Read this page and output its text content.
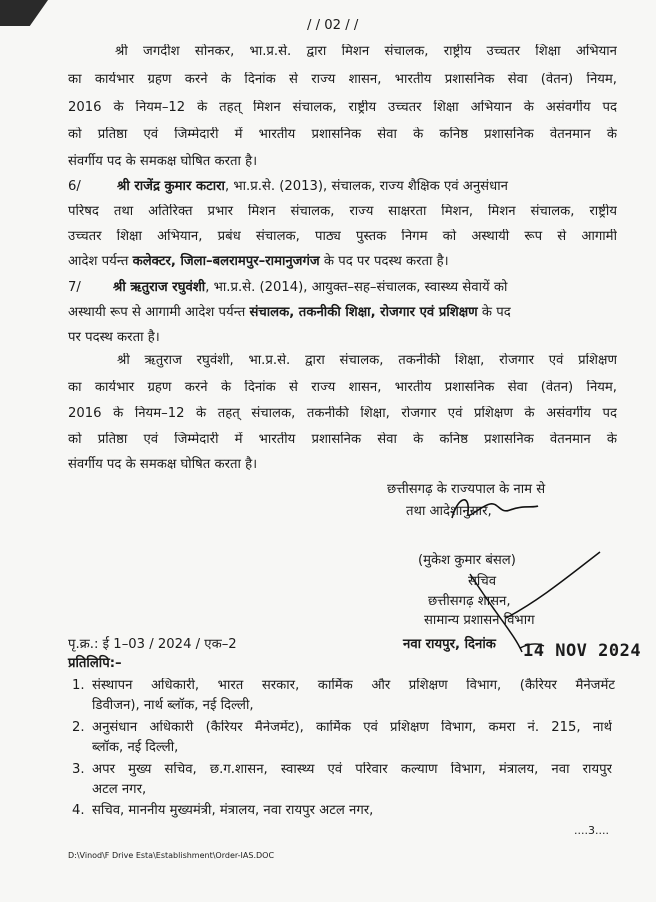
/ / 02 / /
श्री जगदीश सोनकर, भा.प्र.से. द्वारा मिशन संचालक, राष्ट्रीय उच्चतर शिक्षा अभियान
का कार्यभार ग्रहण करने के दिनांक से राज्य शासन, भारतीय प्रशासनिक सेवा (वेतन) नियम,
2016 के नियम–12 के तहत् मिशन संचालक, राष्ट्रीय उच्चतर शिक्षा अभियान के असंवर्गीय पद
को प्रतिष्ठा एवं जिम्मेदारी में भारतीय प्रशासनिक सेवा के कनिष्ठ प्रशासनिक वेतनमान के
संवर्गीय पद के समकक्ष घोषित करता है।
6/	श्री राजेंद्र कुमार कटारा, भा.प्र.से. (2013), संचालक, राज्य शैक्षिक एवं अनुसंधान
परिषद तथा अतिरिक्त प्रभार मिशन संचालक, राज्य साक्षरता मिशन, मिशन संचालक, राष्ट्रीय
उच्चतर शिक्षा अभियान, प्रबंध संचालक, पाठ्य पुस्तक निगम को अस्थायी रूप से आगामी
आदेश पर्यन्त कलेक्टर, जिला–बलरामपुर–रामानुजगंज के पद पर पदस्थ करता है।
7/ श्री ऋतुराज रघुवंशी, भा.प्र.से. (2014), आयुक्त–सह–संचालक, स्वास्थ्य सेवायें को
अस्थायी रूप से आगामी आदेश पर्यन्त संचालक, तकनीकी शिक्षा, रोजगार एवं प्रशिक्षण के पद
पर पदस्थ करता है।
श्री ऋतुराज रघुवंशी, भा.प्र.से. द्वारा संचालक, तकनीकी शिक्षा, रोजगार एवं प्रशिक्षण
का कार्यभार ग्रहण करने के दिनांक से राज्य शासन, भारतीय प्रशासनिक सेवा (वेतन) नियम,
2016 के नियम–12 के तहत् संचालक, तकनीकी शिक्षा, रोजगार एवं प्रशिक्षण के असंवर्गीय पद
को प्रतिष्ठा एवं जिम्मेदारी में भारतीय प्रशासनिक सेवा के कनिष्ठ प्रशासनिक वेतनमान के
संवर्गीय पद के समकक्ष घोषित करता है।
छत्तीसगढ़ के राज्यपाल के नाम से
तथा आदेशानुसार,
(मुकेश कुमार बंसल)
सचिव
छत्तीसगढ़ शासन,
सामान्य प्रशासन विभाग
पृ.क्र.: ई 1–03 / 2024 / एक–2	नवा रायपुर, दिनांक 14 NOV 2024
प्रतिलिपि:–
1. संस्थापन अधिकारी, भारत सरकार, कार्मिक और प्रशिक्षण विभाग, (कैरियर मैनेजमेंट
डिवीजन), नार्थ ब्लॉक, नई दिल्ली,
2. अनुसंधान अधिकारी (कैरियर मैनेजमेंट), कार्मिक एवं प्रशिक्षण विभाग, कमरा नं. 215, नार्थ
ब्लॉक, नई दिल्ली,
3. अपर मुख्य सचिव, छ.ग.शासन, स्वास्थ्य एवं परिवार कल्याण विभाग, मंत्रालय, नवा रायपुर
अटल नगर,
4. सचिव, माननीय मुख्यमंत्री, मंत्रालय, नवा रायपुर अटल नगर,
....3....
D:\Vinod\F Drive Esta\Establishment\Order-IAS.DOC
